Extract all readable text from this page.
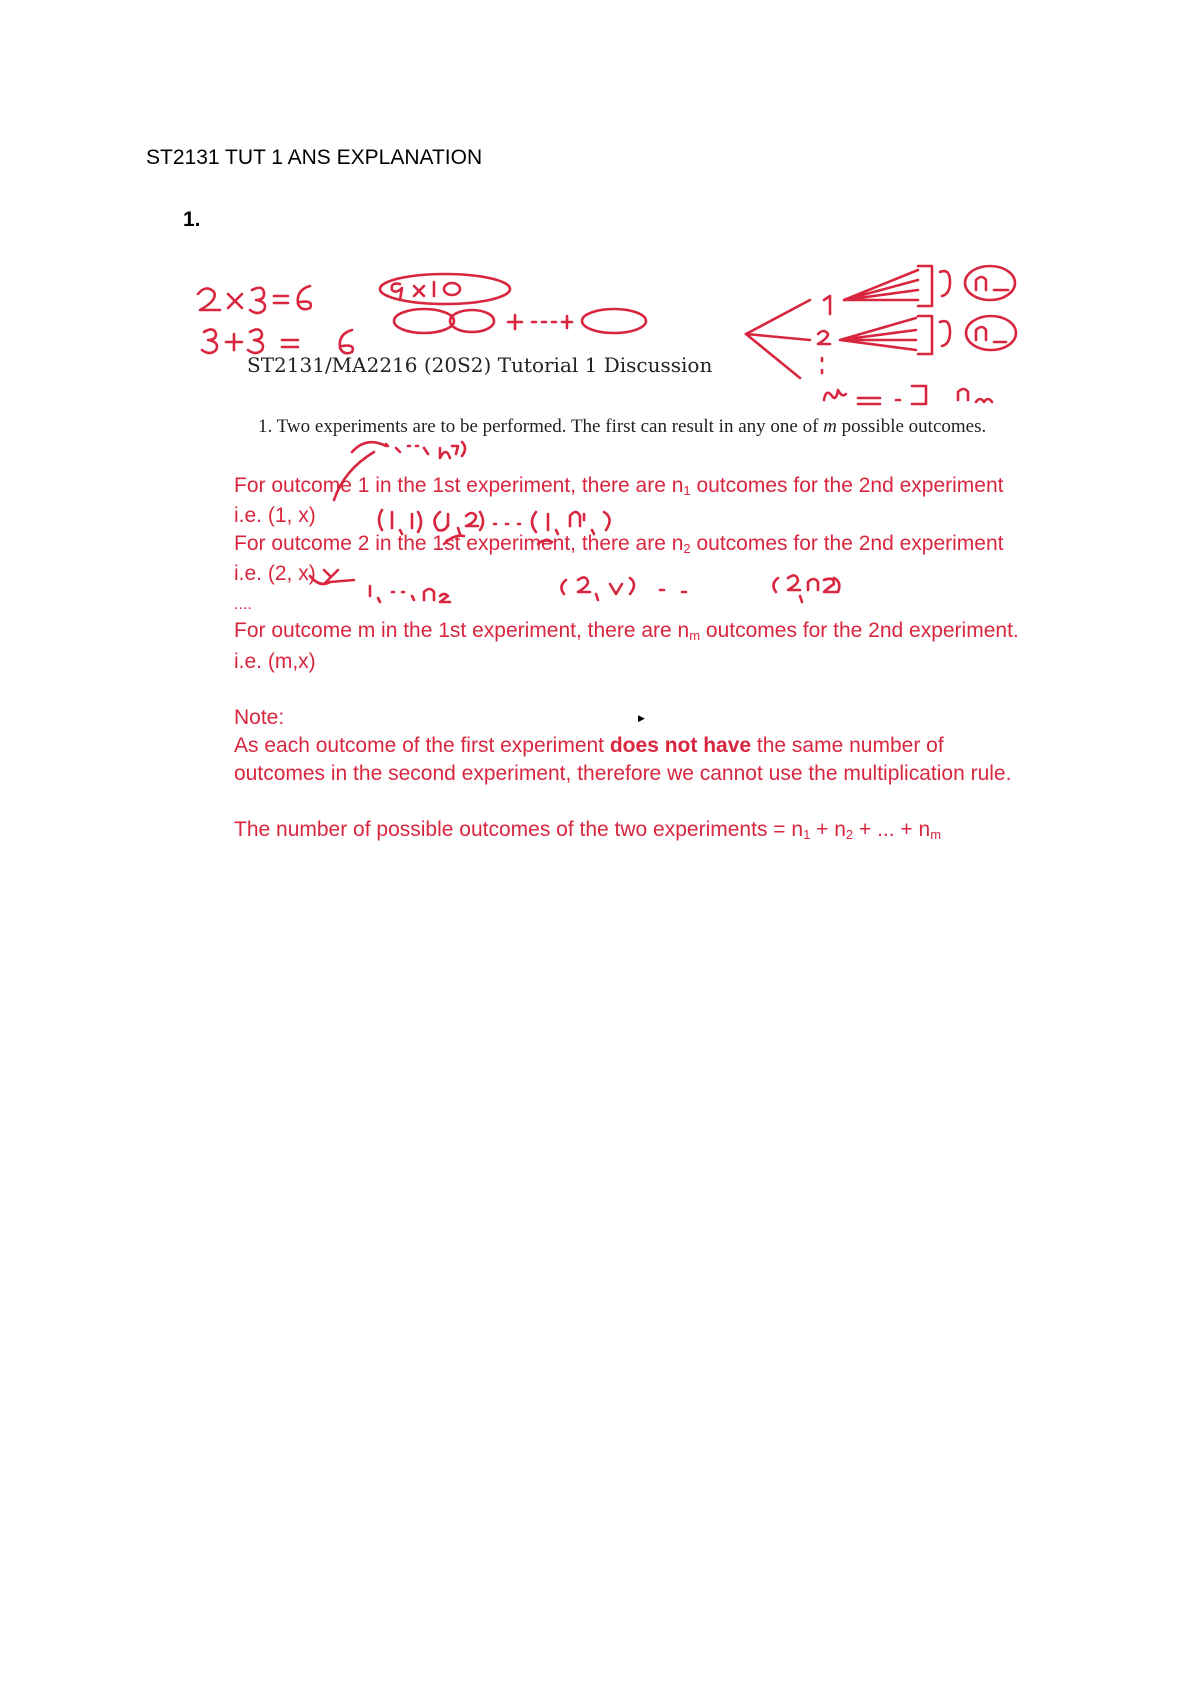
ST2131 TUT 1 ANS EXPLANATION
1.
ST2131/MA2216 (20S2) Tutorial 1 Discussion
1. Two experiments are to be performed. The first can result in any one of m possible outcomes.
For outcome 1 in the 1st experiment, there are $n_1$ outcomes for the 2nd experiment
i.e. (1, x)
For outcome 2 in the 1st experiment, there are $n_2$ outcomes for the 2nd experiment
i.e. (2, x)
....
For outcome m in the 1st experiment, there are $n_m$ outcomes for the 2nd experiment.
i.e. (m,x)
Note:
As each outcome of the first experiment does not have the same number of
outcomes in the second experiment, therefore we cannot use the multiplication rule.
The number of possible outcomes of the two experiments = $n_1 + n_2$ + ... + $n_m$
▶
